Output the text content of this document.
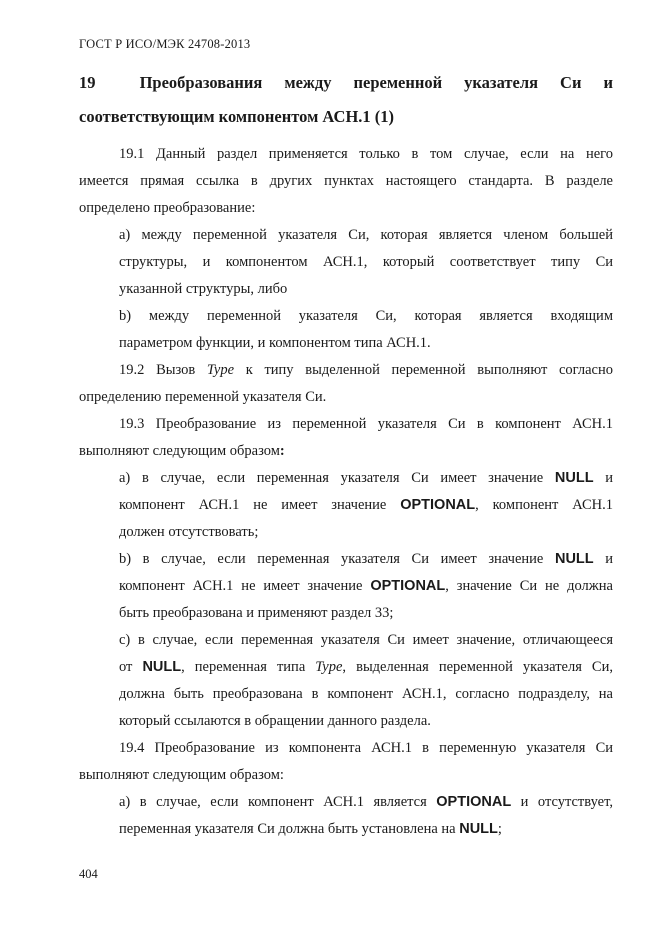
ГОСТ Р ИСО/МЭК 24708-2013
19	Преобразования между переменной указателя Си и
соответствующим компонентом АСН.1 (1)
19.1 Данный раздел применяется только в том случае, если на него
имеется прямая ссылка в других пунктах настоящего стандарта. В разделе
определено преобразование:
a) между переменной указателя Си, которая является членом большей
структуры, и компонентом АСН.1, который соответствует типу Си
указанной структуры, либо
b) между переменной указателя Си, которая является входящим
параметром функции, и компонентом типа АСН.1.
19.2 Вызов Type к типу выделенной переменной выполняют согласно
определению переменной указателя Си.
19.3 Преобразование из переменной указателя Си в компонент АСН.1
выполняют следующим образом:
a) в случае, если переменная указателя Си имеет значение NULL и
компонент АСН.1 не имеет значение OPTIONAL, компонент АСН.1
должен отсутствовать;
b) в случае, если переменная указателя Си имеет значение NULL и
компонент АСН.1 не имеет значение OPTIONAL, значение Си не должна
быть преобразована и применяют раздел 33;
c) в случае, если переменная указателя Си имеет значение, отличающееся
от NULL, переменная типа Type, выделенная переменной указателя Си,
должна быть преобразована в компонент АСН.1, согласно подразделу, на
который ссылаются в обращении данного раздела.
19.4 Преобразование из компонента АСН.1 в переменную указателя Си
выполняют следующим образом:
a) в случае, если компонент АСН.1 является OPTIONAL и отсутствует,
переменная указателя Си должна быть установлена на NULL;
404
